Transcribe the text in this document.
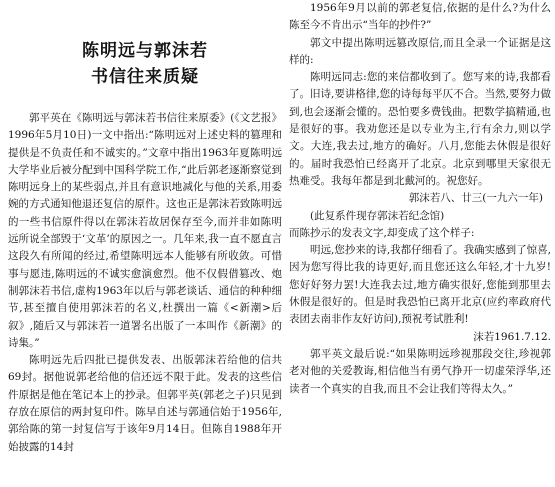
陈明远与郭沫若
书信往来质疑

郭平英在《陈明远与郭沫若书信往来原委》(《文艺报》1996年5月10日)一文中指出:“陈明远对上述史料的篡理和提供是不负责任和不诚实的。”文章中指出1963年夏陈明远大学毕业后被分配到中国科学院工作,“此后郭老逐渐察觉到陈明远身上的某些弱点,并且有意识地减化与他的关系,用委婉的方式通知他退还复信的原件。这也正是郭沫若致陈明远的一些书信原件得以在郭沫若故居保存至今,而并非如陈明远所说全部毁于‘文革’的原因之一。几年来,我一直不愿直言这段久有所闻的经过,希望陈明远本人能够有所收敛。可惜事与愿违,陈明远的不诚实愈演愈烈。他不仅假借篡改、炮制郭沫若书信,虚构1963年以后与郭老谈话、通信的种种细节,甚至擅自使用郭沫若的名义,杜撰出一篇《<新潮>后叙》,随后又与郭沫若一道署名出版了一本叫作《新潮》的诗集。”

陈明远先后四批已提供发表、出版郭沫若给他的信共69封。据他说郭老给他的信还远不限于此。发表的这些信件原据是他在笔记本上的抄录。但郭平英(郭老之子)只见到存放在原信的两封复印件。陈早自述与郭通信始于1956年,郭给陈的第一封复信写于该年9月14日。但陈自1988年开始披露的14封

1956年9月以前的郭老复信,依据的是什么?为什么陈至今不肯出示“当年的抄件?”

郭文中提出陈明远篡改原信,而且全录一个证据是这样的:

陈明远同志:您的来信都收到了。您写来的诗,我都看了。旧诗,要讲格律,您的诗每每平仄不合。当然,要努力做到,也会逐渐会懂的。恐怕要多费钱曲。把数学搞精通,也是很好的事。我劝您还是以专业为主,行有余力,则以学文。大连,我去过,地方的确好。八月,您能去休假是很好的。届时我恐怕已经离开了北京。北京到哪里天家很无热难受。我每年都是到北戴河的。祝您好。

郭沫若八、廿三(一九六一年)

(此复系件现存郭沫若纪念馆)

而陈抄示的发表文字,却变成了这个样子:

明远,您抄来的诗,我都仔细看了。我确实感到了惊喜,因为您写得比我的诗更好,而且您还这么年轻,才十九岁!您好好努力罢!大连我去过,地方确实很好,您能到那里去休假是很好的。但是时我恐怕已离开北京(应约率政府代表团去南非作友好访问),预祝考试胜利!

沫若1961.7.12.

郭平英文最后说:“如果陈明远珍视那段交往,珍视郭老对他的关爱教诲,相信他当有勇气挣开一切虚荣浮华,还读者一个真实的自我,而且不会让我们等得太久。”
